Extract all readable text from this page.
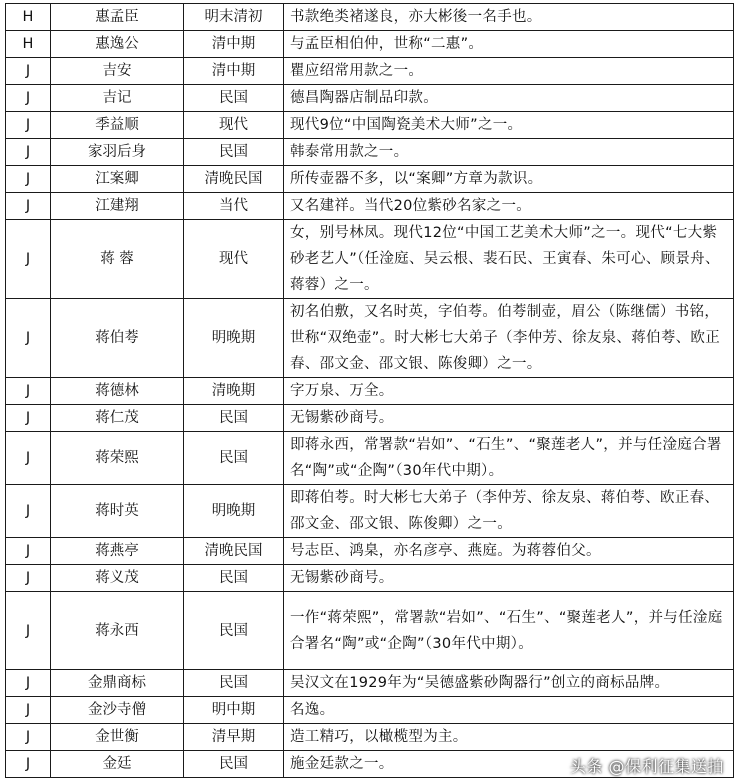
H	惠孟臣	明末清初	书款绝类褚遂良，亦大彬後一名手也。
H	惠逸公	清中期	与孟臣相伯仲，世称“二惠”。
J	吉安	清中期	瞿应绍常用款之一。
J	吉记	民国	德昌陶器店制品印款。
J	季益顺	现代	现代9位“中国陶瓷美术大师”之一。
J	家羽后身	民国	韩泰常用款之一。
J	江案卿	清晚民国	所传壶器不多，以“案卿”方章为款识。
J	江建翔	当代	又名建祥。当代20位紫砂名家之一。
J	蒋 蓉	现代	女，别号林凤。现代12位“中国工艺美术大师”之一。现代“七大紫砂老艺人”（任淦庭、吴云根、裴石民、王寅春、朱可心、顾景舟、蒋蓉）之一。
J	蒋伯荂	明晚期	初名伯敷，又名时英，字伯荂。伯荂制壶，眉公（陈继儒）书铭，世称“双绝壶”。时大彬七大弟子（李仲芳、徐友泉、蒋伯荂、欧正春、邵文金、邵文银、陈俊卿）之一。
J	蒋德林	清晚期	字万泉、万全。
J	蒋仁茂	民国	无锡紫砂商号。
J	蒋荣熙	民国	即蒋永西，常署款“岩如”、“石生”、“聚莲老人”，并与任淦庭合署名“陶”或“企陶”（30年代中期）。
J	蒋时英	明晚期	即蒋伯荂。时大彬七大弟子（李仲芳、徐友泉、蒋伯荂、欧正春、邵文金、邵文银、陈俊卿）之一。
J	蒋燕亭	清晚民国	号志臣、鸿臬，亦名彦亭、燕庭。为蒋蓉伯父。
J	蒋义茂	民国	无锡紫砂商号。
J	蒋永西	民国	一作“蒋荣熙”，常署款“岩如”、“石生”、“聚莲老人”，并与任淦庭合署名“陶”或“企陶”（30年代中期）。
J	金鼎商标	民国	吴汉文在1929年为“吴德盛紫砂陶器行”创立的商标品牌。
J	金沙寺僧	明中期	名逸。
J	金世衡	清早期	造工精巧，以橄榄型为主。
J	金廷	民国	施金廷款之一。	头条 @保利征集送拍
